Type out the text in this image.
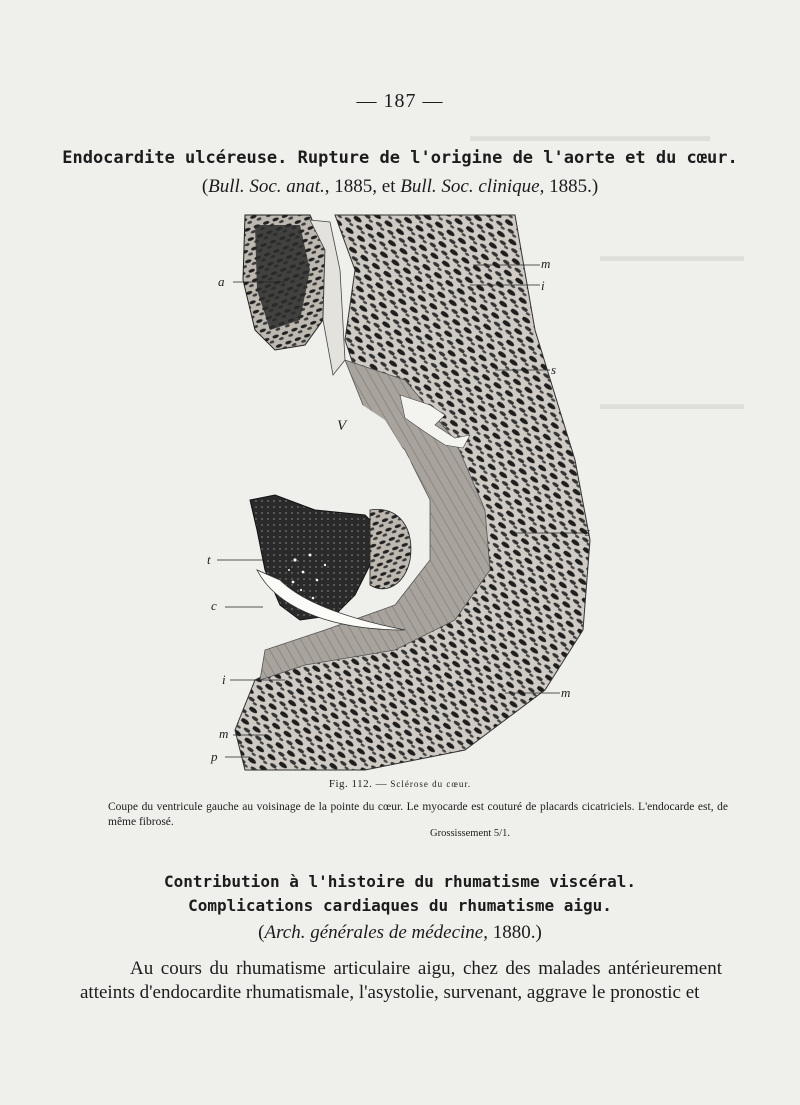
▬▬▬▬▬▬▬▬▬▬▬▬▬▬▬
▬▬▬▬▬▬▬▬▬
▬▬▬▬▬▬▬▬▬
— 187 —
Endocardite ulcéreuse. Rupture de l'origine de l'aorte et du cœur.
(Bull. Soc. anat., 1885, et Bull. Soc. clinique, 1885.)
a
m
i
s
V
s
t
c
i
m
m
p
Fig. 112. — Sclérose du cœur.
Coupe du ventricule gauche au voisinage de la pointe du cœur. Le myocarde est couturé de placards cicatriciels. L'endocarde est, de même fibrosé.
Grossissement 5/1.
Contribution à l'histoire du rhumatisme viscéral.
Complications cardiaques du rhumatisme aigu.
(Arch. générales de médecine, 1880.)
Au cours du rhumatisme articulaire aigu, chez des malades antérieurement atteints d'endocardite rhumatismale, l'asystolie, survenant, aggrave le pronostic et
